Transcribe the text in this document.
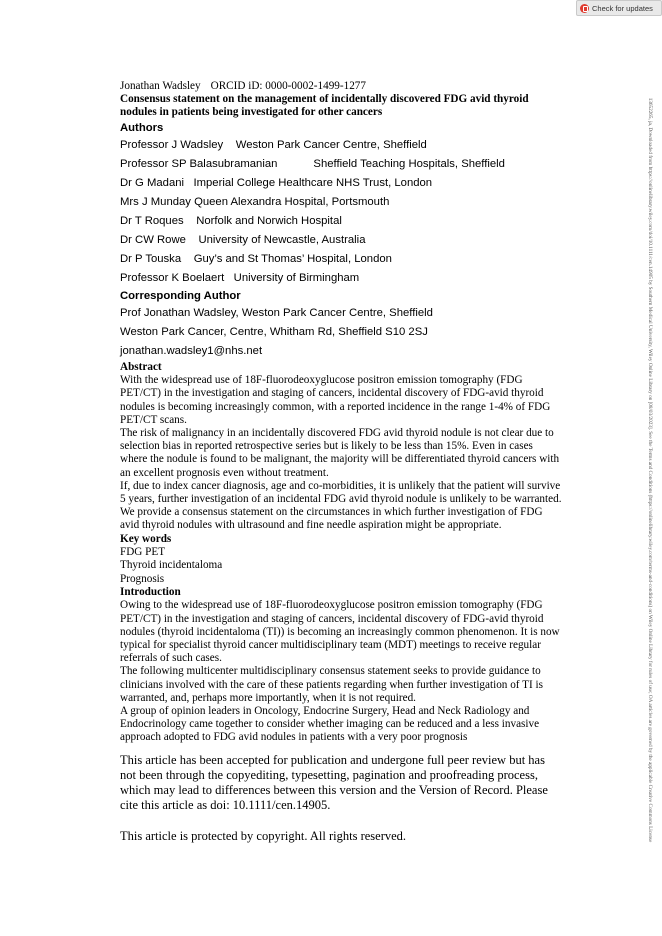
Check for updates
13652265, ja, Downloaded from https://onlinelibrary.wiley.com/doi/10.1111/cen.14905 by Southern Medical University, Wiley Online Library on [08/03/2023]. See the Terms and Conditions (https://onlinelibrary.wiley.com/terms-and-conditions) on Wiley Online Library for rules of use; OA articles are governed by the applicable Creative Commons License

Jonathan Wadsley ORCID iD: 0000-0002-1499-1277

Consensus statement on the management of incidentally discovered FDG avid thyroid nodules in patients being investigated for other cancers

Authors
Professor J Wadsley Weston Park Cancer Centre, Sheffield
Professor SP Balasubramanian	Sheffield Teaching Hospitals, Sheffield
Dr G Madani Imperial College Healthcare NHS Trust, London
Mrs J Munday Queen Alexandra Hospital, Portsmouth
Dr T Roques Norfolk and Norwich Hospital
Dr CW Rowe University of Newcastle, Australia
Dr P Touska Guy’s and St Thomas’ Hospital, London
Professor K Boelaert University of Birmingham
Corresponding Author
Prof Jonathan Wadsley, Weston Park Cancer Centre, Sheffield
Weston Park Cancer, Centre, Whitham Rd, Sheffield S10 2SJ
jonathan.wadsley1@nhs.net
Abstract

With the widespread use of 18F-fluorodeoxyglucose positron emission tomography (FDG PET/CT) in the investigation and staging of cancers, incidental discovery of FDG-avid thyroid nodules is becoming increasingly common, with a reported incidence in the range 1-4% of FDG PET/CT scans.

The risk of malignancy in an incidentally discovered FDG avid thyroid nodule is not clear due to selection bias in reported retrospective series but is likely to be less than 15%. Even in cases where the nodule is found to be malignant, the majority will be differentiated thyroid cancers with an excellent prognosis even without treatment.

If, due to index cancer diagnosis, age and co-morbidities, it is unlikely that the patient will survive 5 years, further investigation of an incidental FDG avid thyroid nodule is unlikely to be warranted.

We provide a consensus statement on the circumstances in which further investigation of FDG avid thyroid nodules with ultrasound and fine needle aspiration might be appropriate.

Key words

FDG PET

Thyroid incidentaloma

Prognosis

Introduction

Owing to the widespread use of 18F-fluorodeoxyglucose positron emission tomography (FDG PET/CT) in the investigation and staging of cancers, incidental discovery of FDG-avid thyroid nodules (thyroid incidentaloma (TI)) is becoming an increasingly common phenomenon. It is now typical for specialist thyroid cancer multidisciplinary team (MDT) meetings to receive regular referrals of such cases.

The following multicenter multidisciplinary consensus statement seeks to provide guidance to clinicians involved with the care of these patients regarding when further investigation of TI is warranted, and, perhaps more importantly, when it is not required.

A group of opinion leaders in Oncology, Endocrine Surgery, Head and Neck Radiology and Endocrinology came together to consider whether imaging can be reduced and a less invasive approach adopted to FDG avid nodules in patients with a very poor prognosis

This article has been accepted for publication and undergone full peer review but has not been through the copyediting, typesetting, pagination and proofreading process, which may lead to differences between this version and the Version of Record. Please cite this article as doi: 10.1111/cen.14905.

This article is protected by copyright. All rights reserved.
